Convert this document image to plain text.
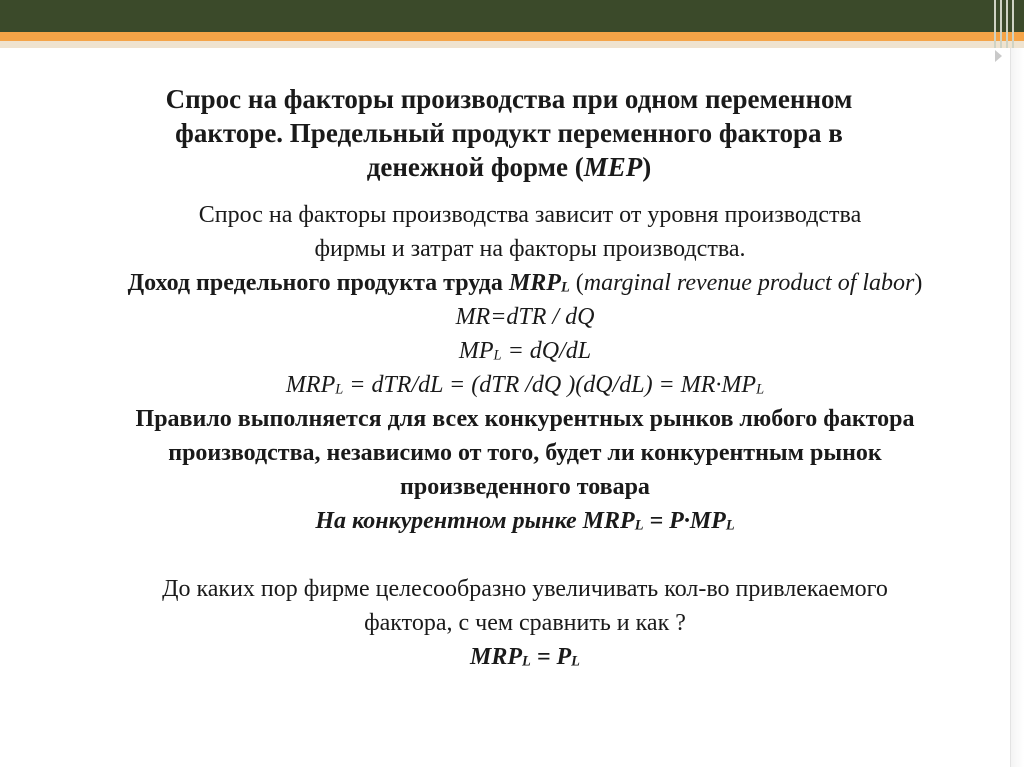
Спрос на факторы производства при одном переменном
факторе. Предельный продукт переменного фактора в
денежной форме (MEP)
Спрос на факторы производства зависит от уровня производства
фирмы и затрат на факторы производства.
Доход предельного продукта труда $MRP_L$ (marginal revenue product of labor)
MR=dTR / dQ
$MP_L = dQ/dL$
$MRP_L = dTR/dL = (dTR$ /dQ )$(dQ/dL) = MR\cdot MP_L$
Правило выполняется для всех конкурентных рынков любого фактора
производства, независимо от того, будет ли конкурентным рынок
произведенного товара
На конкурентном рынке $MRP_L = P\cdot MP_L$
До каких пор фирме целесообразно увеличивать кол-во привлекаемого
фактора, с чем сравнить и как ?
$MRP_L = P_L$
